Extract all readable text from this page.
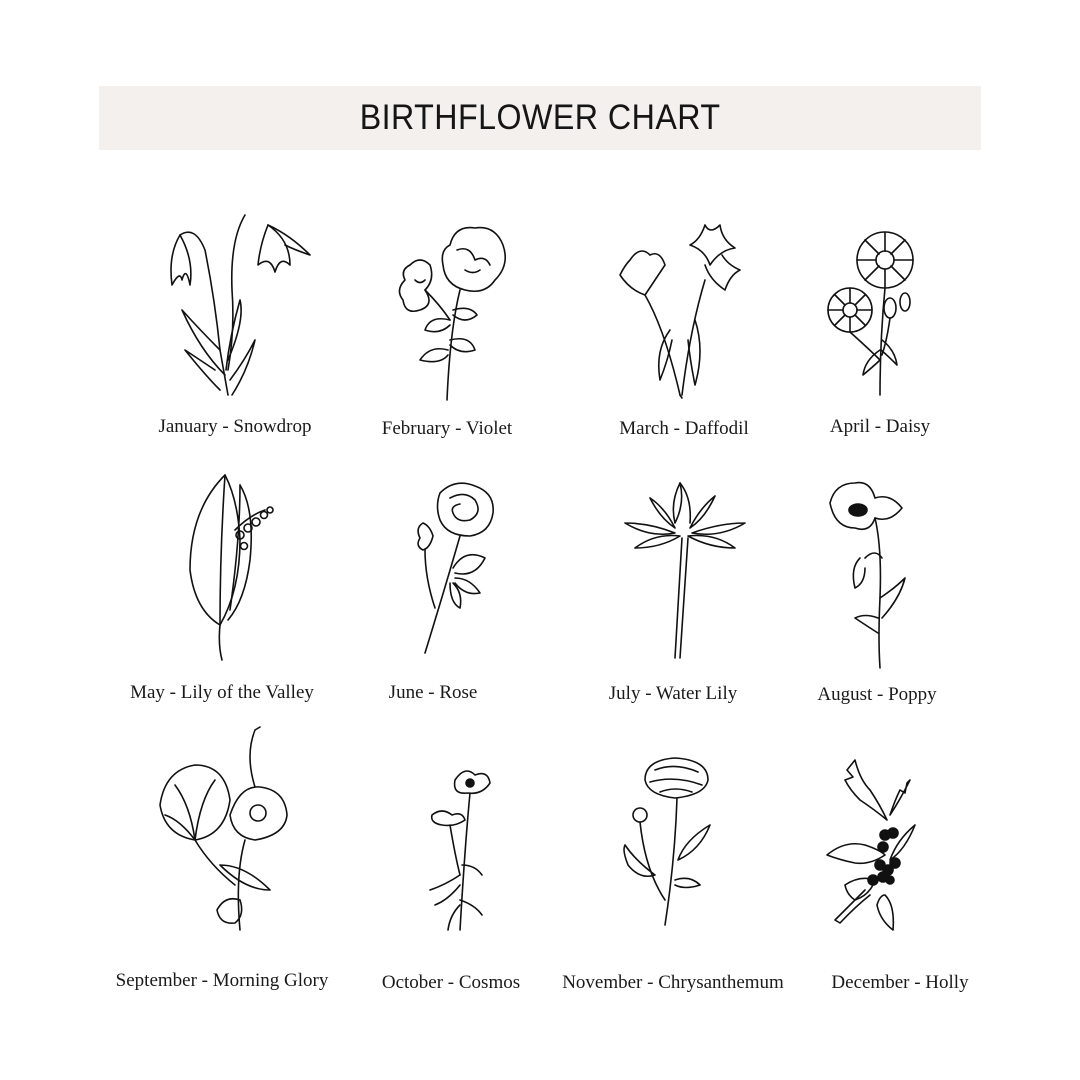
BIRTHFLOWER CHART
January - Snowdrop	February - Violet	March - Daffodil	April - Daisy
May - Lily of the Valley	June - Rose	July - Water Lily	August - Poppy
September - Morning Glory	October - Cosmos November - Chrysanthemum	December - Holly
